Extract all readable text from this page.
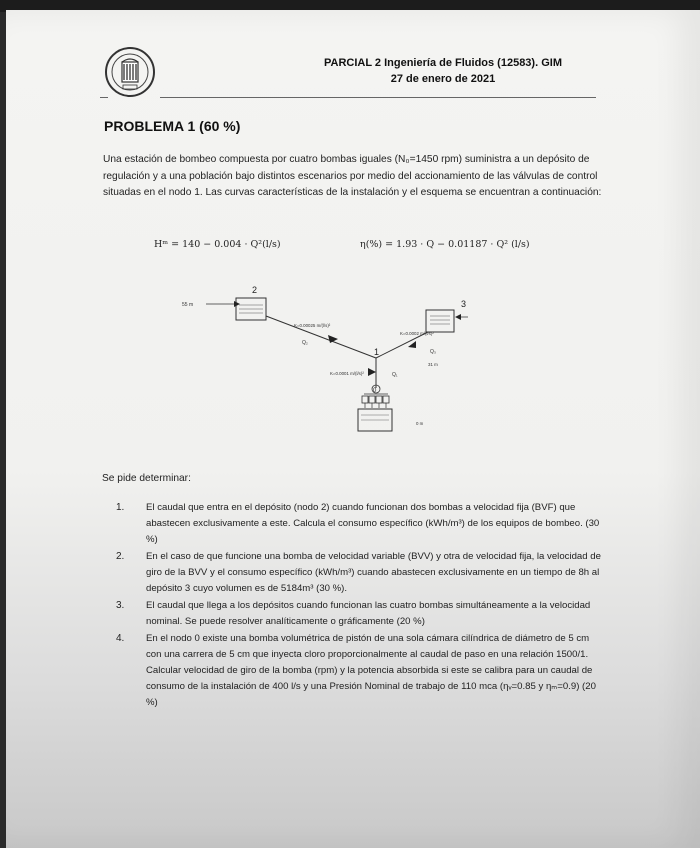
PARCIAL 2 Ingeniería de Fluidos (12583). GIM
27 de enero de 2021
PROBLEMA 1 (60 %)

Una estación de bombeo compuesta por cuatro bombas iguales (N₀=1450 rpm) suministra a un depósito de regulación y a una población bajo distintos escenarios por medio del accionamiento de las válvulas de control situadas en el nodo 1. Las curvas características de la instalación y el esquema se encuentran a continuación:

Hᵐ = 140 − 0.004 · Q²(l/s)	η(%) = 1.93 · Q − 0.01187 · Q² (l/s)
55 m
2
3
K=0.00025 m/(l/s)²
K=0.0002 m/(l/s)²
K=0.0001 m/(l/s)²
Q₂
Q₃
Q₁
31 m
1
0
0 m
Se pide determinar:
1.	El caudal que entra en el depósito (nodo 2) cuando funcionan dos bombas a velocidad fija (BVF) que abastecen exclusivamente a este. Calcula el consumo específico (kWh/m³) de los equipos de bombeo. (30 %)
2.	En el caso de que funcione una bomba de velocidad variable (BVV) y otra de velocidad fija, la velocidad de giro de la BVV y el consumo específico (kWh/m³) cuando abastecen exclusivamente en un tiempo de 8h al depósito 3 cuyo volumen es de 5184m³ (30 %).
3.	El caudal que llega a los depósitos cuando funcionan las cuatro bombas simultáneamente a la velocidad nominal. Se puede resolver analíticamente o gráficamente (20 %)
4.	En el nodo 0 existe una bomba volumétrica de pistón de una sola cámara cilíndrica de diámetro de 5 cm con una carrera de 5 cm que inyecta cloro proporcionalmente al caudal de paso en una relación 1500/1. Calcular velocidad de giro de la bomba (rpm) y la potencia absorbida si este se calibra para un caudal de consumo de la instalación de 400 l/s y una Presión Nominal de trabajo de 110 mca (ηᵥ=0.85 y ηₘ=0.9) (20 %)
